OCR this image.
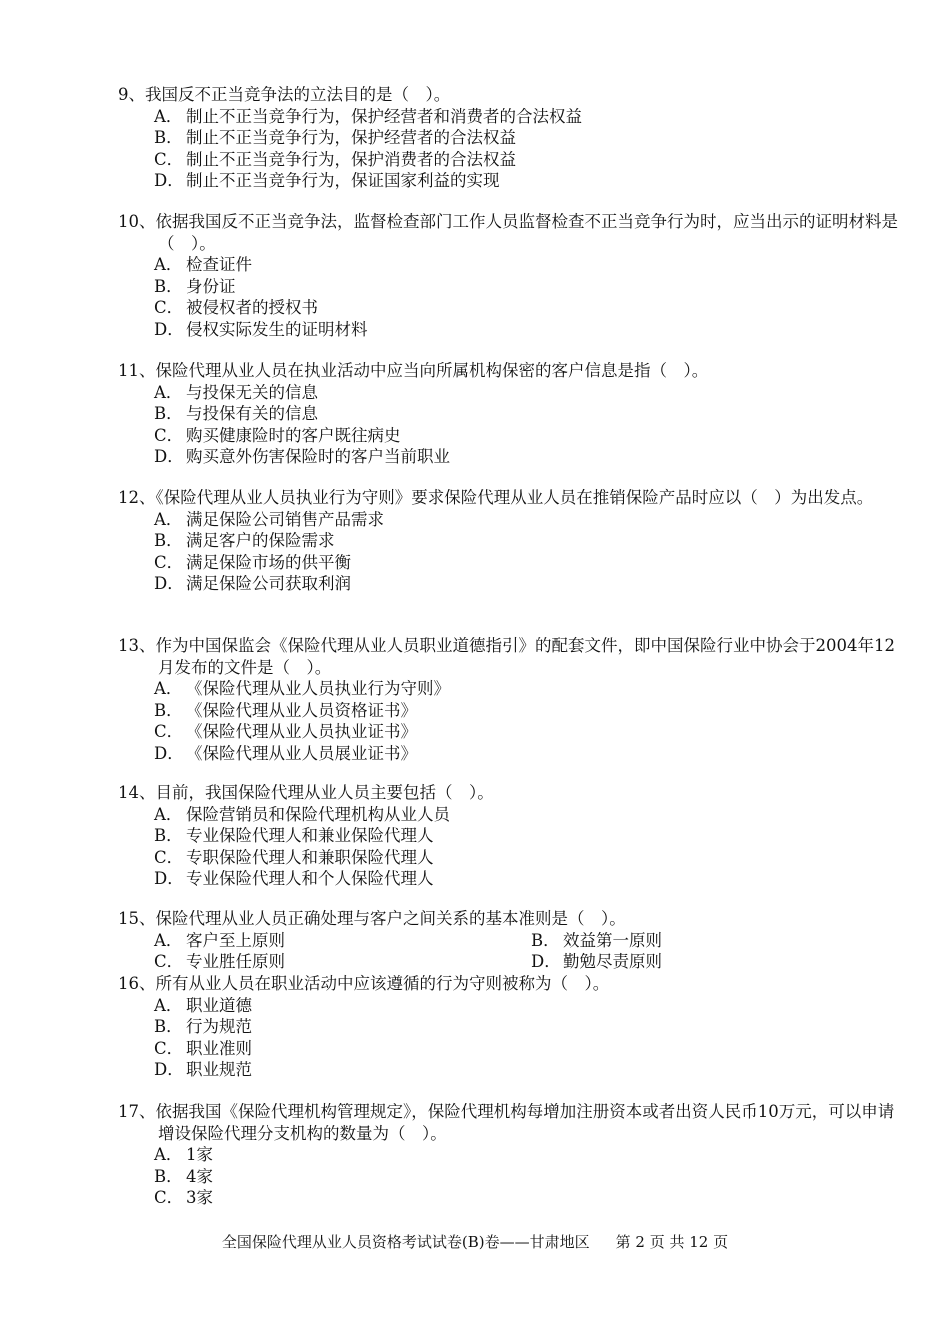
9、我国反不正当竞争法的立法目的是（　）。

A． 制止不正当竞争行为，保护经营者和消费者的合法权益

B． 制止不正当竞争行为，保护经营者的合法权益

C． 制止不正当竞争行为，保护消费者的合法权益

D． 制止不正当竞争行为，保证国家利益的实现

10、依据我国反不正当竞争法，监督检查部门工作人员监督检查不正当竞争行为时，应当出示的证明材料是（　）。

A． 检查证件

B． 身份证

C． 被侵权者的授权书

D． 侵权实际发生的证明材料

11、保险代理从业人员在执业活动中应当向所属机构保密的客户信息是指（　）。

A． 与投保无关的信息

B． 与投保有关的信息

C． 购买健康险时的客户既往病史

D． 购买意外伤害保险时的客户当前职业

12、《保险代理从业人员执业行为守则》要求保险代理从业人员在推销保险产品时应以（　）为出发点。

A． 满足保险公司销售产品需求

B． 满足客户的保险需求

C． 满足保险市场的供平衡

D． 满足保险公司获取利润

13、作为中国保监会《保险代理从业人员职业道德指引》的配套文件，即中国保险行业中协会于2004年12月发布的文件是（　）。

A． 《保险代理从业人员执业行为守则》

B． 《保险代理从业人员资格证书》

C． 《保险代理从业人员执业证书》

D． 《保险代理从业人员展业证书》

14、目前，我国保险代理从业人员主要包括（　）。

A． 保险营销员和保险代理机构从业人员

B． 专业保险代理人和兼业保险代理人

C． 专职保险代理人和兼职保险代理人

D． 专业保险代理人和个人保险代理人

15、保险代理从业人员正确处理与客户之间关系的基本准则是（　）。

A． 客户至上原则	B． 效益第一原则
C． 专业胜任原则	D． 勤勉尽责原则

16、所有从业人员在职业活动中应该遵循的行为守则被称为（　）。

A． 职业道德

B． 行为规范

C． 职业准则

D． 职业规范

17、依据我国《保险代理机构管理规定》，保险代理机构每增加注册资本或者出资人民币10万元，可以申请增设保险代理分支机构的数量为（　）。

A． 1家

B． 4家

C． 3家

全国保险代理从业人员资格考试试卷(B)卷——甘肃地区 第 2 页 共 12 页
